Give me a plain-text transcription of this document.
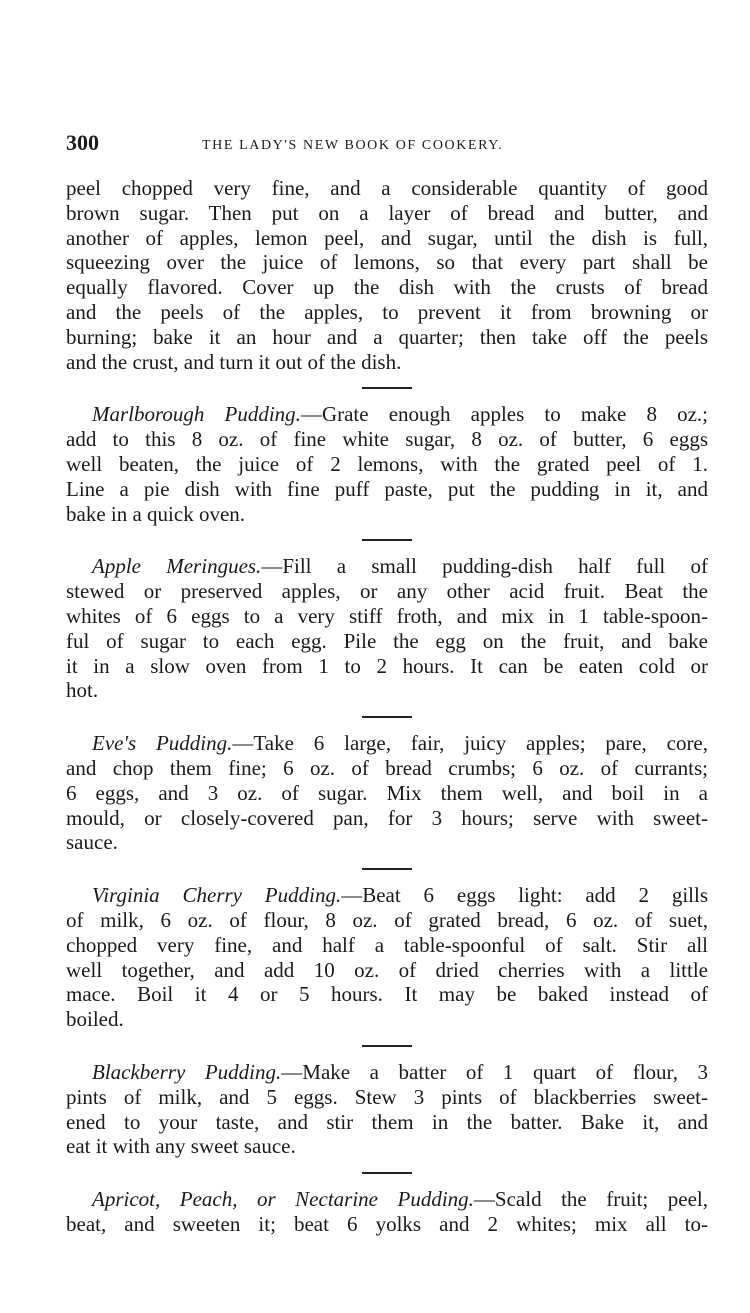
300	THE LADY'S NEW BOOK OF COOKERY.

peel chopped very fine, and a considerable quantity of good
brown sugar. Then put on a layer of bread and butter, and
another of apples, lemon peel, and sugar, until the dish is full,
squeezing over the juice of lemons, so that every part shall be
equally flavored. Cover up the dish with the crusts of bread
and the peels of the apples, to prevent it from browning or
burning; bake it an hour and a quarter; then take off the peels
and the crust, and turn it out of the dish.

Marlborough Pudding.—Grate enough apples to make 8 oz.;
add to this 8 oz. of fine white sugar, 8 oz. of butter, 6 eggs
well beaten, the juice of 2 lemons, with the grated peel of 1.
Line a pie dish with fine puff paste, put the pudding in it, and
bake in a quick oven.

Apple Meringues.—Fill a small pudding-dish half full of
stewed or preserved apples, or any other acid fruit. Beat the
whites of 6 eggs to a very stiff froth, and mix in 1 table-spoon-
ful of sugar to each egg. Pile the egg on the fruit, and bake
it in a slow oven from 1 to 2 hours. It can be eaten cold or
hot.

Eve's Pudding.—Take 6 large, fair, juicy apples; pare, core,
and chop them fine; 6 oz. of bread crumbs; 6 oz. of currants;
6 eggs, and 3 oz. of sugar. Mix them well, and boil in a
mould, or closely-covered pan, for 3 hours; serve with sweet-
sauce.

Virginia Cherry Pudding.—Beat 6 eggs light: add 2 gills
of milk, 6 oz. of flour, 8 oz. of grated bread, 6 oz. of suet,
chopped very fine, and half a table-spoonful of salt. Stir all
well together, and add 10 oz. of dried cherries with a little
mace. Boil it 4 or 5 hours. It may be baked instead of
boiled.

Blackberry Pudding.—Make a batter of 1 quart of flour, 3
pints of milk, and 5 eggs. Stew 3 pints of blackberries sweet-
ened to your taste, and stir them in the batter. Bake it, and
eat it with any sweet sauce.

Apricot, Peach, or Nectarine Pudding.—Scald the fruit; peel,
beat, and sweeten it; beat 6 yolks and 2 whites; mix all to-
